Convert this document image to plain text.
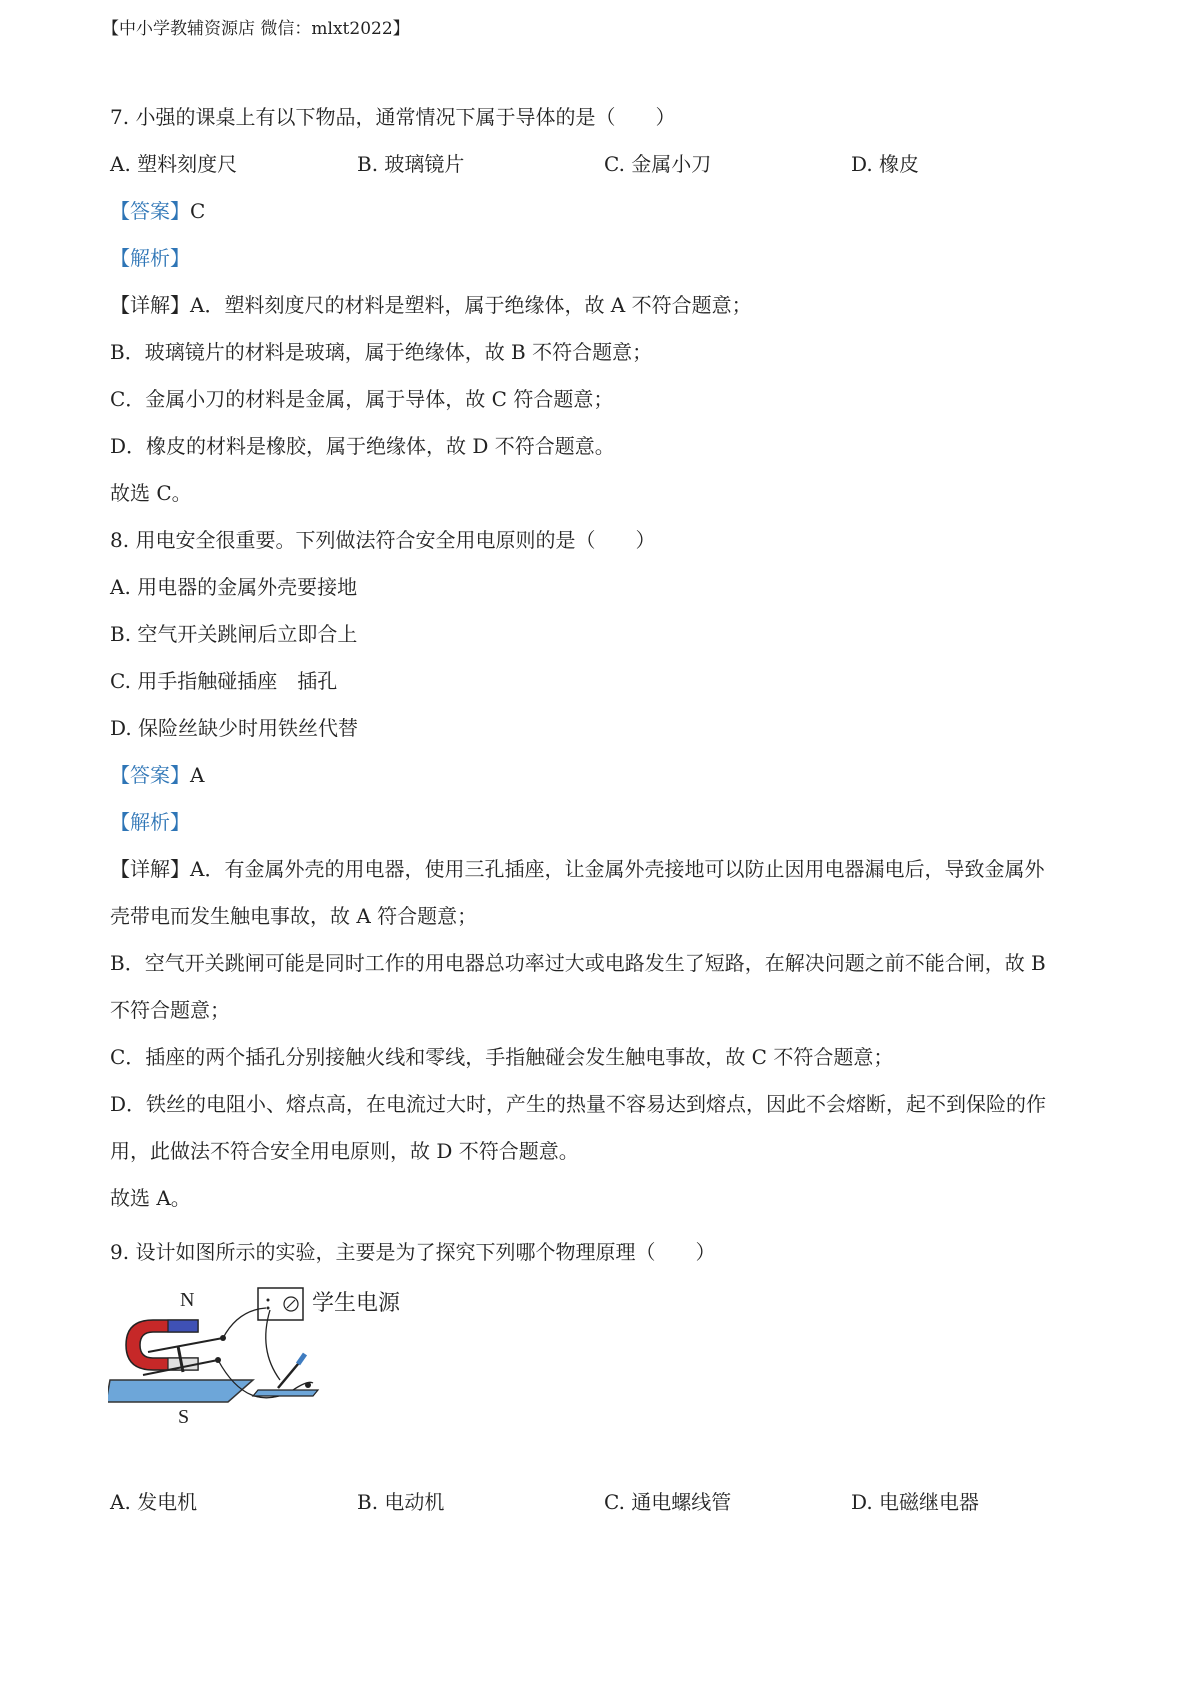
【中小学教辅资源店 微信：mlxt2022】
7. 小强的课桌上有以下物品，通常情况下属于导体的是（　　）
A. 塑料刻度尺	B. 玻璃镜片	C. 金属小刀	D. 橡皮
【答案】C
【解析】
【详解】A．塑料刻度尺的材料是塑料，属于绝缘体，故 A 不符合题意；
B．玻璃镜片的材料是玻璃，属于绝缘体，故 B 不符合题意；
C．金属小刀的材料是金属，属于导体，故 C 符合题意；
D．橡皮的材料是橡胶，属于绝缘体，故 D 不符合题意。
故选 C。
8. 用电安全很重要。下列做法符合安全用电原则的是（　　）
A. 用电器的金属外壳要接地
B. 空气开关跳闸后立即合上
C. 用手指触碰插座　插孔
D. 保险丝缺少时用铁丝代替
【答案】A
【解析】
【详解】A．有金属外壳的用电器，使用三孔插座，让金属外壳接地可以防止因用电器漏电后，导致金属外
壳带电而发生触电事故，故 A 符合题意；
B．空气开关跳闸可能是同时工作的用电器总功率过大或电路发生了短路，在解决问题之前不能合闸，故 B
不符合题意；
C．插座的两个插孔分别接触火线和零线，手指触碰会发生触电事故，故 C 不符合题意；
D．铁丝的电阻小、熔点高，在电流过大时，产生的热量不容易达到熔点，因此不会熔断，起不到保险的作
用，此做法不符合安全用电原则，故 D 不符合题意。
故选 A。
9. 设计如图所示的实验，主要是为了探究下列哪个物理原理（　　）
N
S
学生电源
A. 发电机	B. 电动机	C. 通电螺线管	D. 电磁继电器
